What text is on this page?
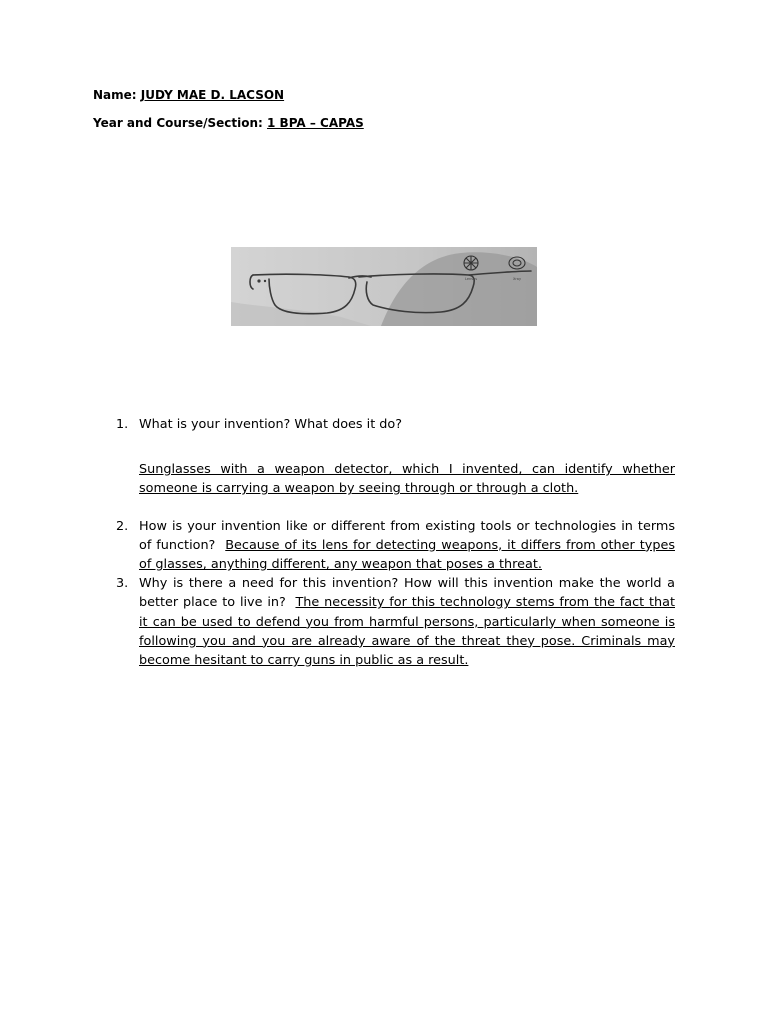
Name: JUDY MAE D. LACSON
Year and Course/Section: 1 BPA – CAPAS
Lenses	Xray
1. What is your invention? What does it do?
Sunglasses with a weapon detector, which I invented, can identify whether someone is carrying a weapon by seeing through or through a cloth.
2. How is your invention like or different from existing tools or technologies in terms of function? Because of its lens for detecting weapons, it differs from other types of glasses, anything different, any weapon that poses a threat.
3. Why is there a need for this invention? How will this invention make the world a better place to live in? The necessity for this technology stems from the fact that it can be used to defend you from harmful persons, particularly when someone is following you and you are already aware of the threat they pose. Criminals may become hesitant to carry guns in public as a result.
